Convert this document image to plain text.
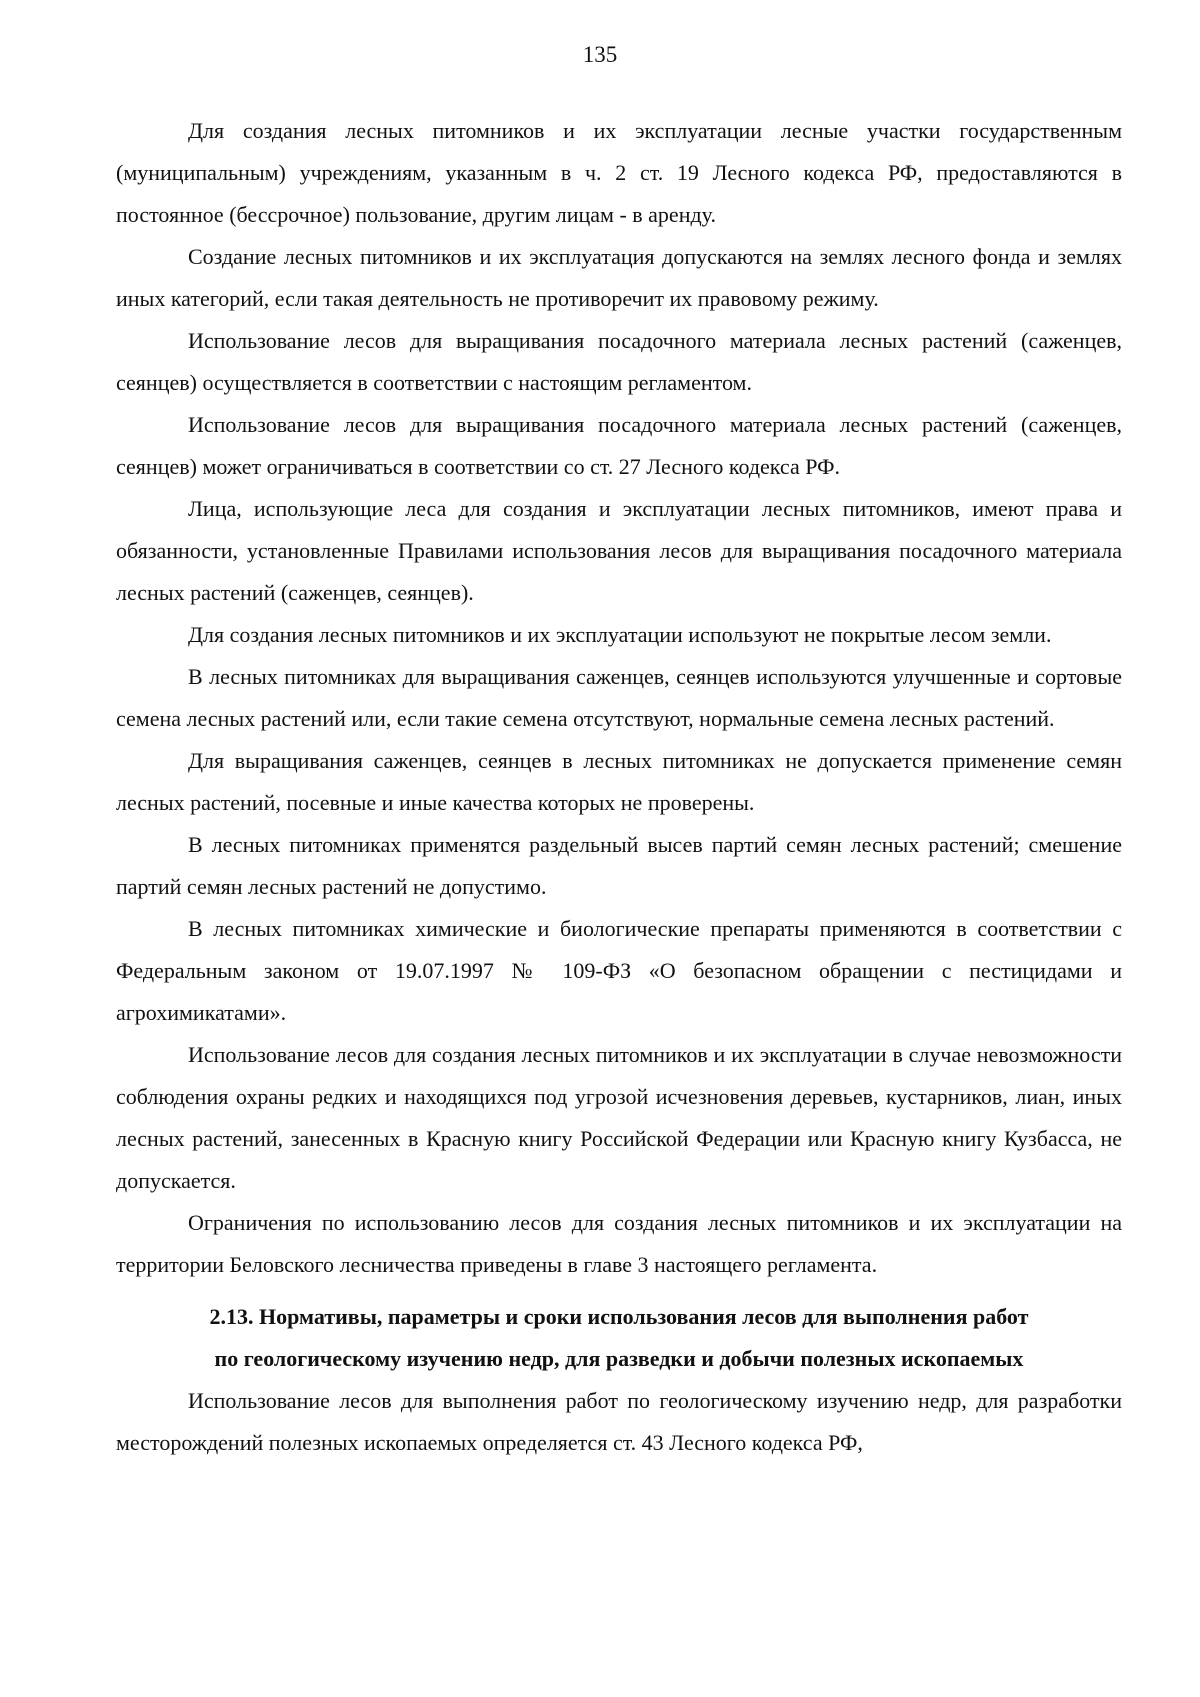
135

Для создания лесных питомников и их эксплуатации лесные участки государственным (муниципальным) учреждениям, указанным в ч. 2 ст. 19 Лесного кодекса РФ, предоставляются в постоянное (бессрочное) пользование, другим лицам - в аренду.

Создание лесных питомников и их эксплуатация допускаются на землях лесного фонда и землях иных категорий, если такая деятельность не противоречит их правовому режиму.

Использование лесов для выращивания посадочного материала лесных растений (саженцев, сеянцев) осуществляется в соответствии с настоящим регламентом.

Использование лесов для выращивания посадочного материала лесных растений (саженцев, сеянцев) может ограничиваться в соответствии со ст. 27 Лесного кодекса РФ.

Лица, использующие леса для создания и эксплуатации лесных питомников, имеют права и обязанности, установленные Правилами использования лесов для выращивания посадочного материала лесных растений (саженцев, сеянцев).

Для создания лесных питомников и их эксплуатации используют не покрытые лесом земли.

В лесных питомниках для выращивания саженцев, сеянцев используются улучшенные и сортовые семена лесных растений или, если такие семена отсутствуют, нормальные семена лесных растений.

Для выращивания саженцев, сеянцев в лесных питомниках не допускается применение семян лесных растений, посевные и иные качества которых не проверены.

В лесных питомниках применятся раздельный высев партий семян лесных растений; смешение партий семян лесных растений не допустимо.

В лесных питомниках химические и биологические препараты применяются в соответствии с Федеральным законом от 19.07.1997 № 109-ФЗ «О безопасном обращении с пестицидами и агрохимикатами».

Использование лесов для создания лесных питомников и их эксплуатации в случае невозможности соблюдения охраны редких и находящихся под угрозой исчезновения деревьев, кустарников, лиан, иных лесных растений, занесенных в Красную книгу Российской Федерации или Красную книгу Кузбасса, не допускается.

Ограничения по использованию лесов для создания лесных питомников и их эксплуатации на территории Беловского лесничества приведены в главе 3 настоящего регламента.

2.13. Нормативы, параметры и сроки использования лесов для выполнения работ
по геологическому изучению недр, для разведки и добычи полезных ископаемых

Использование лесов для выполнения работ по геологическому изучению недр, для разработки месторождений полезных ископаемых определяется ст. 43 Лесного кодекса РФ,
